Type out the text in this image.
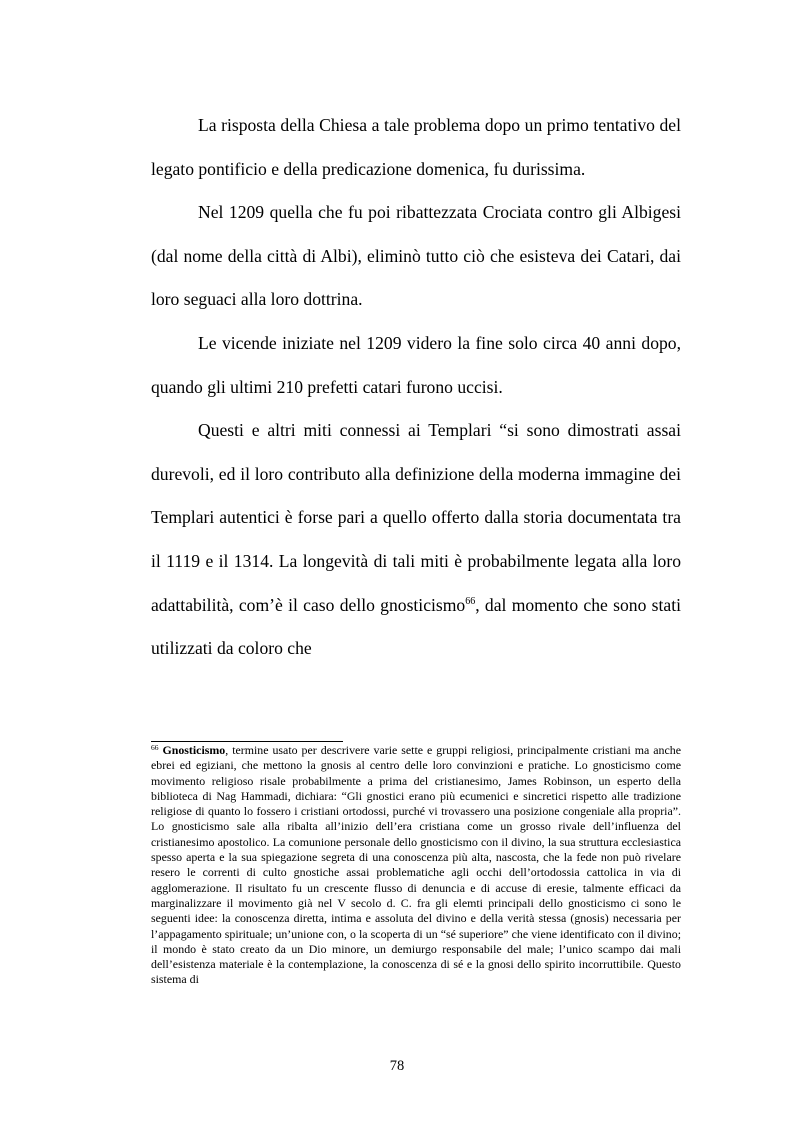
La risposta della Chiesa a tale problema dopo un primo tentativo del legato pontificio e della predicazione domenica, fu durissima.

Nel 1209 quella che fu poi ribattezzata Crociata contro gli Albigesi (dal nome della città di Albi), eliminò tutto ciò che esisteva dei Catari, dai loro seguaci alla loro dottrina.

Le vicende iniziate nel 1209 videro la fine solo circa 40 anni dopo, quando gli ultimi 210 prefetti catari furono uccisi.

Questi e altri miti connessi ai Templari “si sono dimostrati assai durevoli, ed il loro contributo alla definizione della moderna immagine dei Templari autentici è forse pari a quello offerto dalla storia documentata tra il 1119 e il 1314. La longevità di tali miti è probabilmente legata alla loro adattabilità, com’è il caso dello gnosticismo$^{66}$, dal momento che sono stati utilizzati da coloro che

$^{66}$ Gnosticismo, termine usato per descrivere varie sette e gruppi religiosi, principalmente cristiani ma anche ebrei ed egiziani, che mettono la gnosis al centro delle loro convinzioni e pratiche. Lo gnosticismo come movimento religioso risale probabilmente a prima del cristianesimo, James Robinson, un esperto della biblioteca di Nag Hammadi, dichiara: “Gli gnostici erano più ecumenici e sincretici rispetto alle tradizione religiose di quanto lo fossero i cristiani ortodossi, purché vi trovassero una posizione congeniale alla propria”. Lo gnosticismo sale alla ribalta all’inizio dell’era cristiana come un grosso rivale dell’influenza del cristianesimo apostolico. La comunione personale dello gnosticismo con il divino, la sua struttura ecclesiastica spesso aperta e la sua spiegazione segreta di una conoscenza più alta, nascosta, che la fede non può rivelare resero le correnti di culto gnostiche assai problematiche agli occhi dell’ortodossia cattolica in via di agglomerazione. Il risultato fu un crescente flusso di denuncia e di accuse di eresie, talmente efficaci da marginalizzare il movimento già nel V secolo d. C. fra gli elemti principali dello gnosticismo ci sono le seguenti idee: la conoscenza diretta, intima e assoluta del divino e della verità stessa (gnosis) necessaria per l’appagamento spirituale; un’unione con, o la scoperta di un “sé superiore” che viene identificato con il divino; il mondo è stato creato da un Dio minore, un demiurgo responsabile del male; l’unico scampo dai mali dell’esistenza materiale è la contemplazione, la conoscenza di sé e la gnosi dello spirito incorruttibile. Questo sistema di

78
